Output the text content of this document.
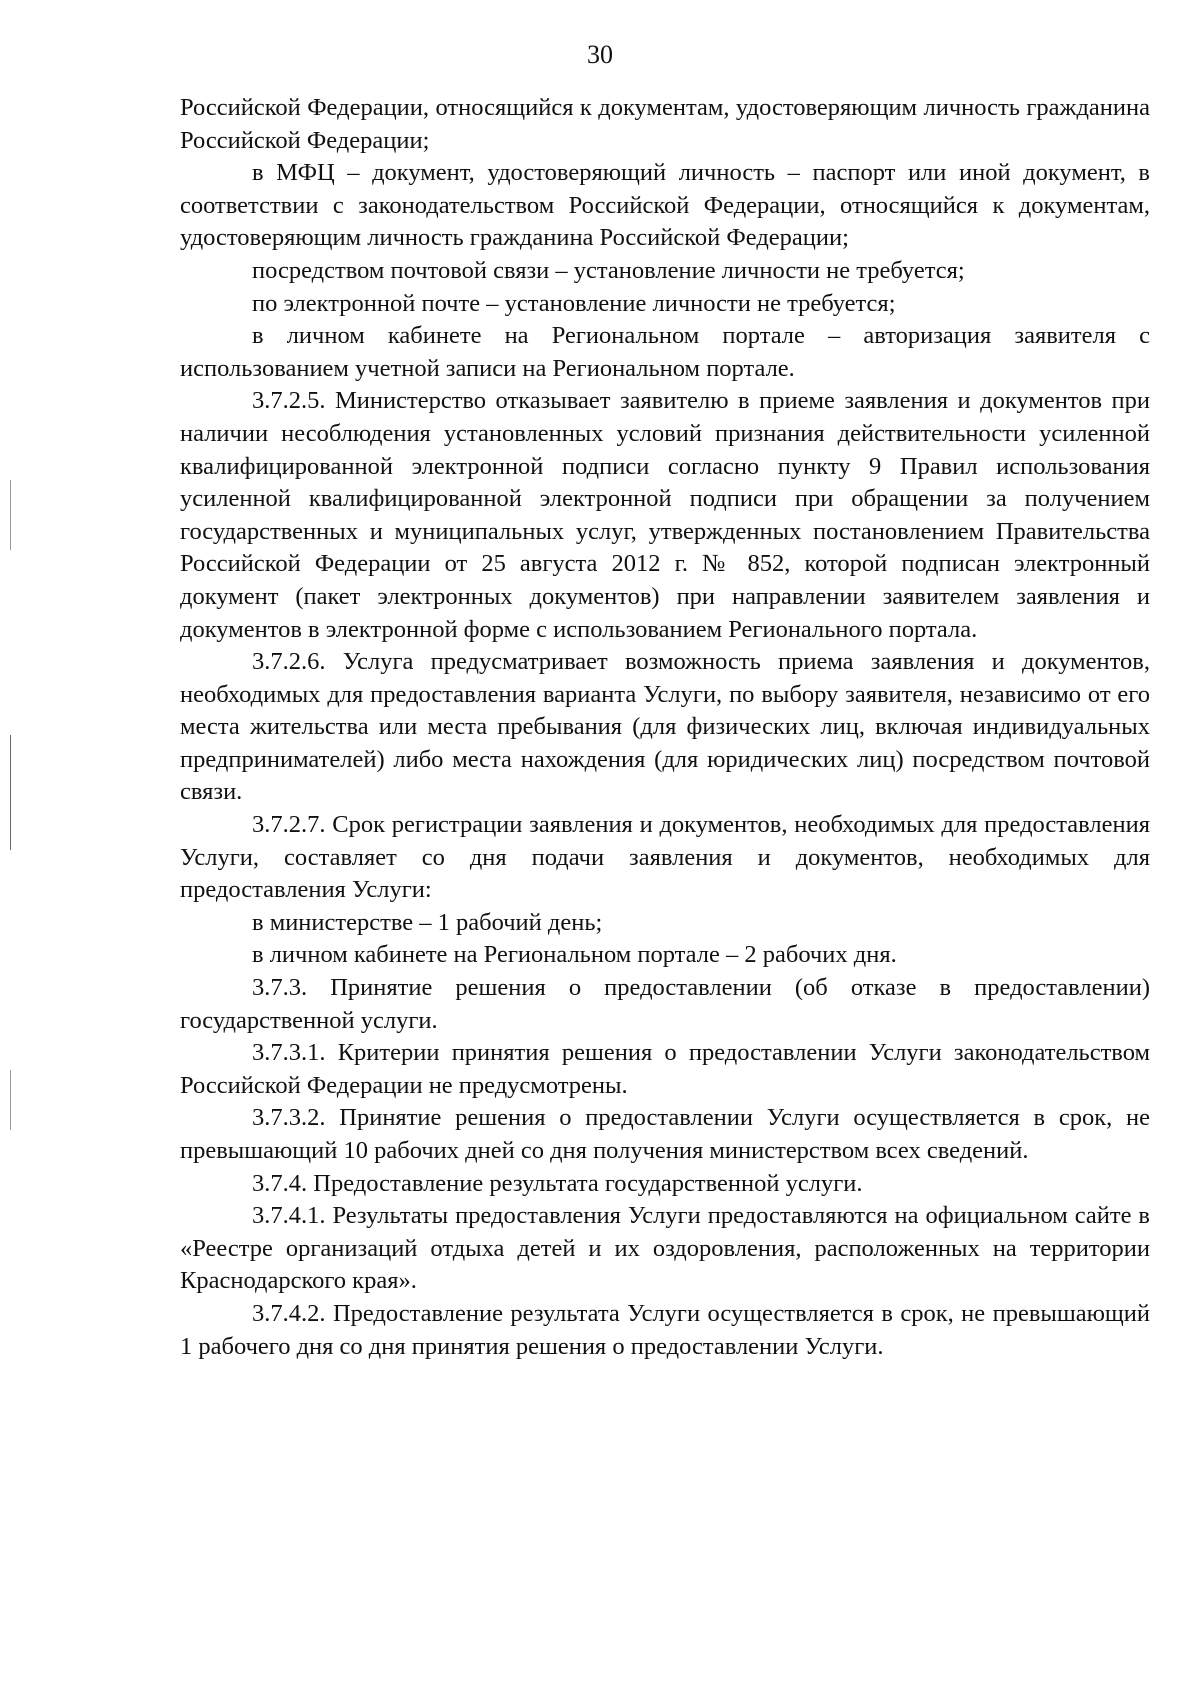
30

Российской Федерации, относящийся к документам, удостоверяющим личность гражданина Российской Федерации;

в МФЦ – документ, удостоверяющий личность – паспорт или иной документ, в соответствии с законодательством Российской Федерации, относящийся к документам, удостоверяющим личность гражданина Российской Федерации;

посредством почтовой связи – установление личности не требуется;

по электронной почте – установление личности не требуется;

в личном кабинете на Региональном портале – авторизация заявителя с использованием учетной записи на Региональном портале.

3.7.2.5. Министерство отказывает заявителю в приеме заявления и документов при наличии несоблюдения установленных условий признания действительности усиленной квалифицированной электронной подписи согласно пункту 9 Правил использования усиленной квалифицированной электронной подписи при обращении за получением государственных и муниципальных услуг, утвержденных постановлением Правительства Российской Федерации от 25 августа 2012 г. № 852, которой подписан электронный документ (пакет электронных документов) при направлении заявителем заявления и документов в электронной форме с использованием Регионального портала.

3.7.2.6. Услуга предусматривает возможность приема заявления и документов, необходимых для предоставления варианта Услуги, по выбору заявителя, независимо от его места жительства или места пребывания (для физических лиц, включая индивидуальных предпринимателей) либо места нахождения (для юридических лиц) посредством почтовой связи.

3.7.2.7. Срок регистрации заявления и документов, необходимых для предоставления Услуги, составляет со дня подачи заявления и документов, необходимых для предоставления Услуги:

в министерстве – 1 рабочий день;

в личном кабинете на Региональном портале – 2 рабочих дня.

3.7.3. Принятие решения о предоставлении (об отказе в предоставлении) государственной услуги.

3.7.3.1. Критерии принятия решения о предоставлении Услуги законодательством Российской Федерации не предусмотрены.

3.7.3.2. Принятие решения о предоставлении Услуги осуществляется в срок, не превышающий 10 рабочих дней со дня получения министерством всех сведений.

3.7.4. Предоставление результата государственной услуги.

3.7.4.1. Результаты предоставления Услуги предоставляются на официальном сайте в «Реестре организаций отдыха детей и их оздоровления, расположенных на территории Краснодарского края».

3.7.4.2. Предоставление результата Услуги осуществляется в срок, не превышающий 1 рабочего дня со дня принятия решения о предоставлении Услуги.
